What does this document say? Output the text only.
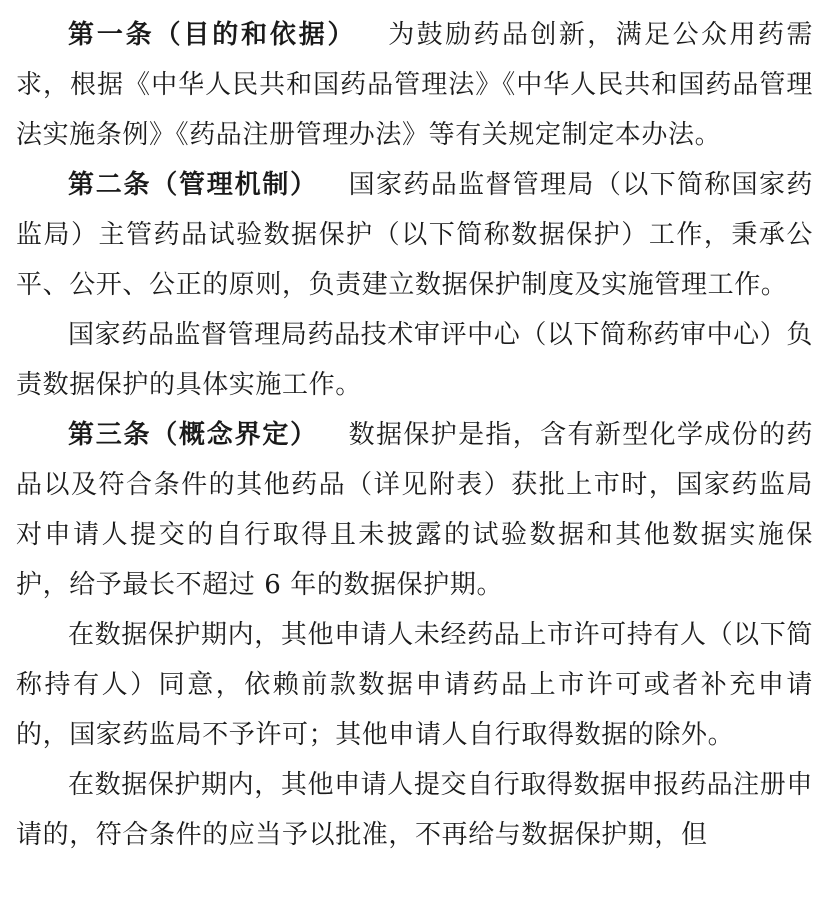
第一条（目的和依据） 为鼓励药品创新，满足公众用药需求，根据《中华人民共和国药品管理法》《中华人民共和国药品管理法实施条例》《药品注册管理办法》等有关规定制定本办法。

第二条（管理机制） 国家药品监督管理局（以下简称国家药监局）主管药品试验数据保护（以下简称数据保护）工作，秉承公平、公开、公正的原则，负责建立数据保护制度及实施管理工作。

国家药品监督管理局药品技术审评中心（以下简称药审中心）负责数据保护的具体实施工作。

第三条（概念界定） 数据保护是指，含有新型化学成份的药品以及符合条件的其他药品（详见附表）获批上市时，国家药监局对申请人提交的自行取得且未披露的试验数据和其他数据实施保护，给予最长不超过 6 年的数据保护期。

在数据保护期内，其他申请人未经药品上市许可持有人（以下简称持有人）同意，依赖前款数据申请药品上市许可或者补充申请的，国家药监局不予许可；其他申请人自行取得数据的除外。

在数据保护期内，其他申请人提交自行取得数据申报药品注册申请的，符合条件的应当予以批准，不再给与数据保护期，但
